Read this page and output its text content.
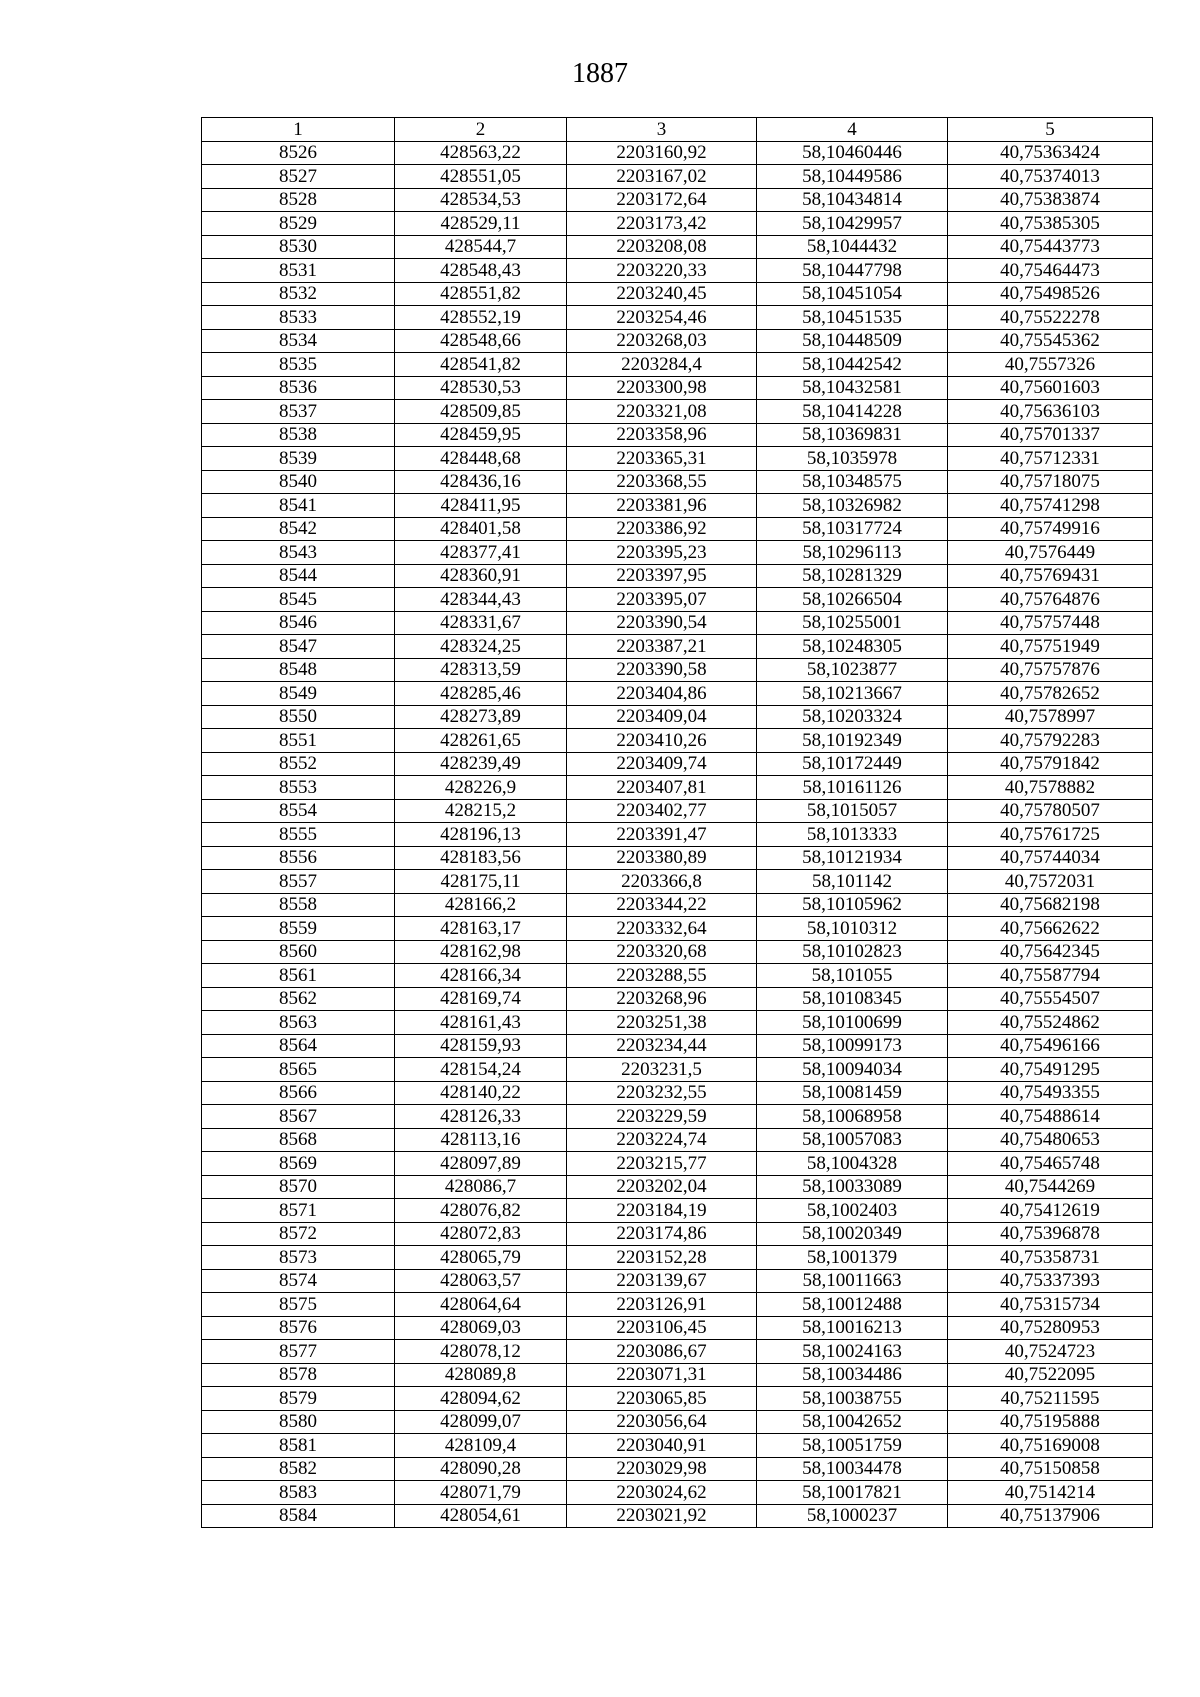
1887
1	2	3	4	5
8526	428563,22	2203160,92	58,10460446	40,75363424
8527	428551,05	2203167,02	58,10449586	40,75374013
8528	428534,53	2203172,64	58,10434814	40,75383874
8529	428529,11	2203173,42	58,10429957	40,75385305
8530	428544,7	2203208,08	58,1044432	40,75443773
8531	428548,43	2203220,33	58,10447798	40,75464473
8532	428551,82	2203240,45	58,10451054	40,75498526
8533	428552,19	2203254,46	58,10451535	40,75522278
8534	428548,66	2203268,03	58,10448509	40,75545362
8535	428541,82	2203284,4	58,10442542	40,7557326
8536	428530,53	2203300,98	58,10432581	40,75601603
8537	428509,85	2203321,08	58,10414228	40,75636103
8538	428459,95	2203358,96	58,10369831	40,75701337
8539	428448,68	2203365,31	58,1035978	40,75712331
8540	428436,16	2203368,55	58,10348575	40,75718075
8541	428411,95	2203381,96	58,10326982	40,75741298
8542	428401,58	2203386,92	58,10317724	40,75749916
8543	428377,41	2203395,23	58,10296113	40,7576449
8544	428360,91	2203397,95	58,10281329	40,75769431
8545	428344,43	2203395,07	58,10266504	40,75764876
8546	428331,67	2203390,54	58,10255001	40,75757448
8547	428324,25	2203387,21	58,10248305	40,75751949
8548	428313,59	2203390,58	58,1023877	40,75757876
8549	428285,46	2203404,86	58,10213667	40,75782652
8550	428273,89	2203409,04	58,10203324	40,7578997
8551	428261,65	2203410,26	58,10192349	40,75792283
8552	428239,49	2203409,74	58,10172449	40,75791842
8553	428226,9	2203407,81	58,10161126	40,7578882
8554	428215,2	2203402,77	58,1015057	40,75780507
8555	428196,13	2203391,47	58,1013333	40,75761725
8556	428183,56	2203380,89	58,10121934	40,75744034
8557	428175,11	2203366,8	58,101142	40,7572031
8558	428166,2	2203344,22	58,10105962	40,75682198
8559	428163,17	2203332,64	58,1010312	40,75662622
8560	428162,98	2203320,68	58,10102823	40,75642345
8561	428166,34	2203288,55	58,101055	40,75587794
8562	428169,74	2203268,96	58,10108345	40,75554507
8563	428161,43	2203251,38	58,10100699	40,75524862
8564	428159,93	2203234,44	58,10099173	40,75496166
8565	428154,24	2203231,5	58,10094034	40,75491295
8566	428140,22	2203232,55	58,10081459	40,75493355
8567	428126,33	2203229,59	58,10068958	40,75488614
8568	428113,16	2203224,74	58,10057083	40,75480653
8569	428097,89	2203215,77	58,1004328	40,75465748
8570	428086,7	2203202,04	58,10033089	40,7544269
8571	428076,82	2203184,19	58,1002403	40,75412619
8572	428072,83	2203174,86	58,10020349	40,75396878
8573	428065,79	2203152,28	58,1001379	40,75358731
8574	428063,57	2203139,67	58,10011663	40,75337393
8575	428064,64	2203126,91	58,10012488	40,75315734
8576	428069,03	2203106,45	58,10016213	40,75280953
8577	428078,12	2203086,67	58,10024163	40,7524723
8578	428089,8	2203071,31	58,10034486	40,7522095
8579	428094,62	2203065,85	58,10038755	40,75211595
8580	428099,07	2203056,64	58,10042652	40,75195888
8581	428109,4	2203040,91	58,10051759	40,75169008
8582	428090,28	2203029,98	58,10034478	40,75150858
8583	428071,79	2203024,62	58,10017821	40,7514214
8584	428054,61	2203021,92	58,1000237	40,75137906
